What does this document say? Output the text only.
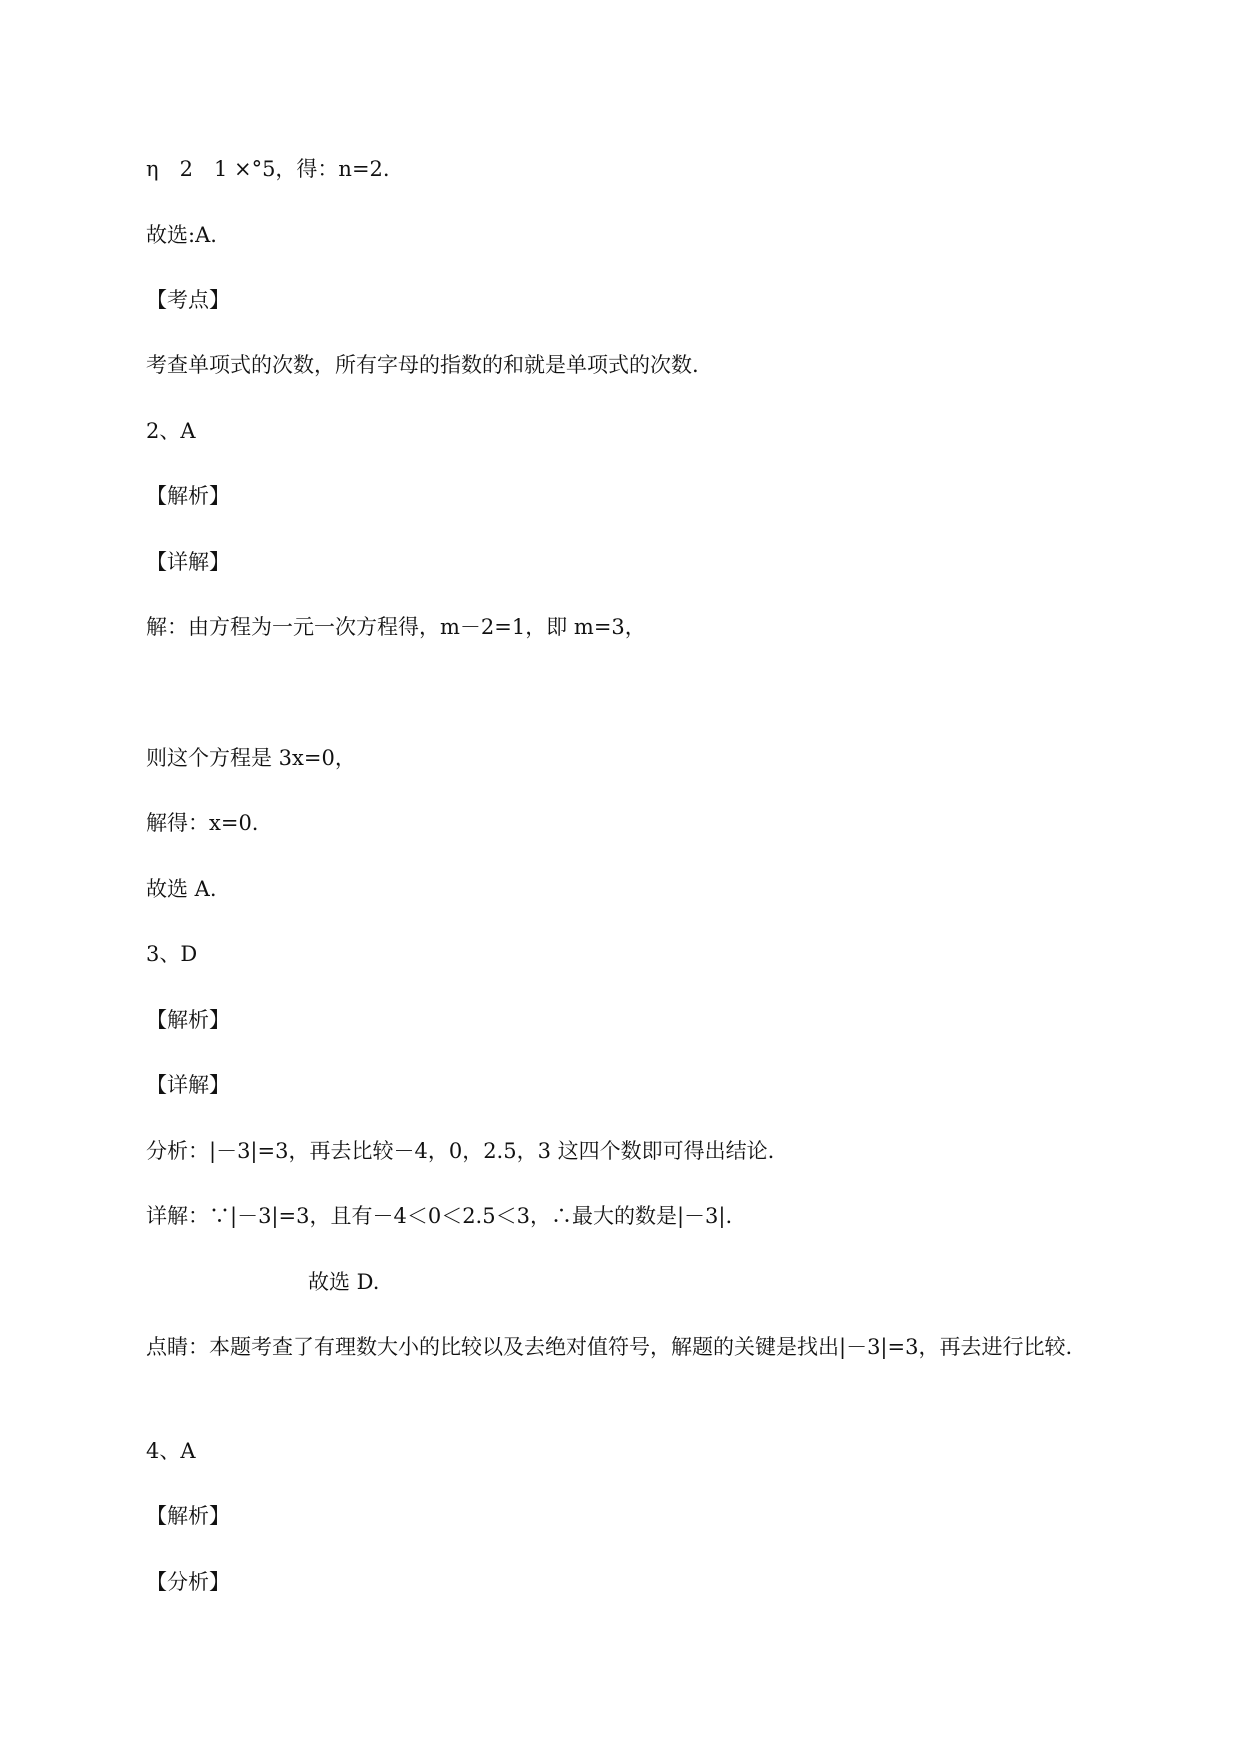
η　2　1 ×°5，得：n=2.
故选:A.
【考点】
考查单项式的次数，所有字母的指数的和就是单项式的次数.
2、A
【解析】
【详解】
解：由方程为一元一次方程得，m－2=1，即 m=3，
则这个方程是 3x=0，
解得：x=0.
故选 A.
3、D
【解析】
【详解】
分析：|－3|=3，再去比较－4，0，2.5，3 这四个数即可得出结论.
详解：∵|－3|=3，且有－4＜0＜2.5＜3，∴最大的数是|－3|.
故选 D.
点睛：本题考查了有理数大小的比较以及去绝对值符号，解题的关键是找出|－3|=3，再去进行比较.
4、A
【解析】
【分析】
